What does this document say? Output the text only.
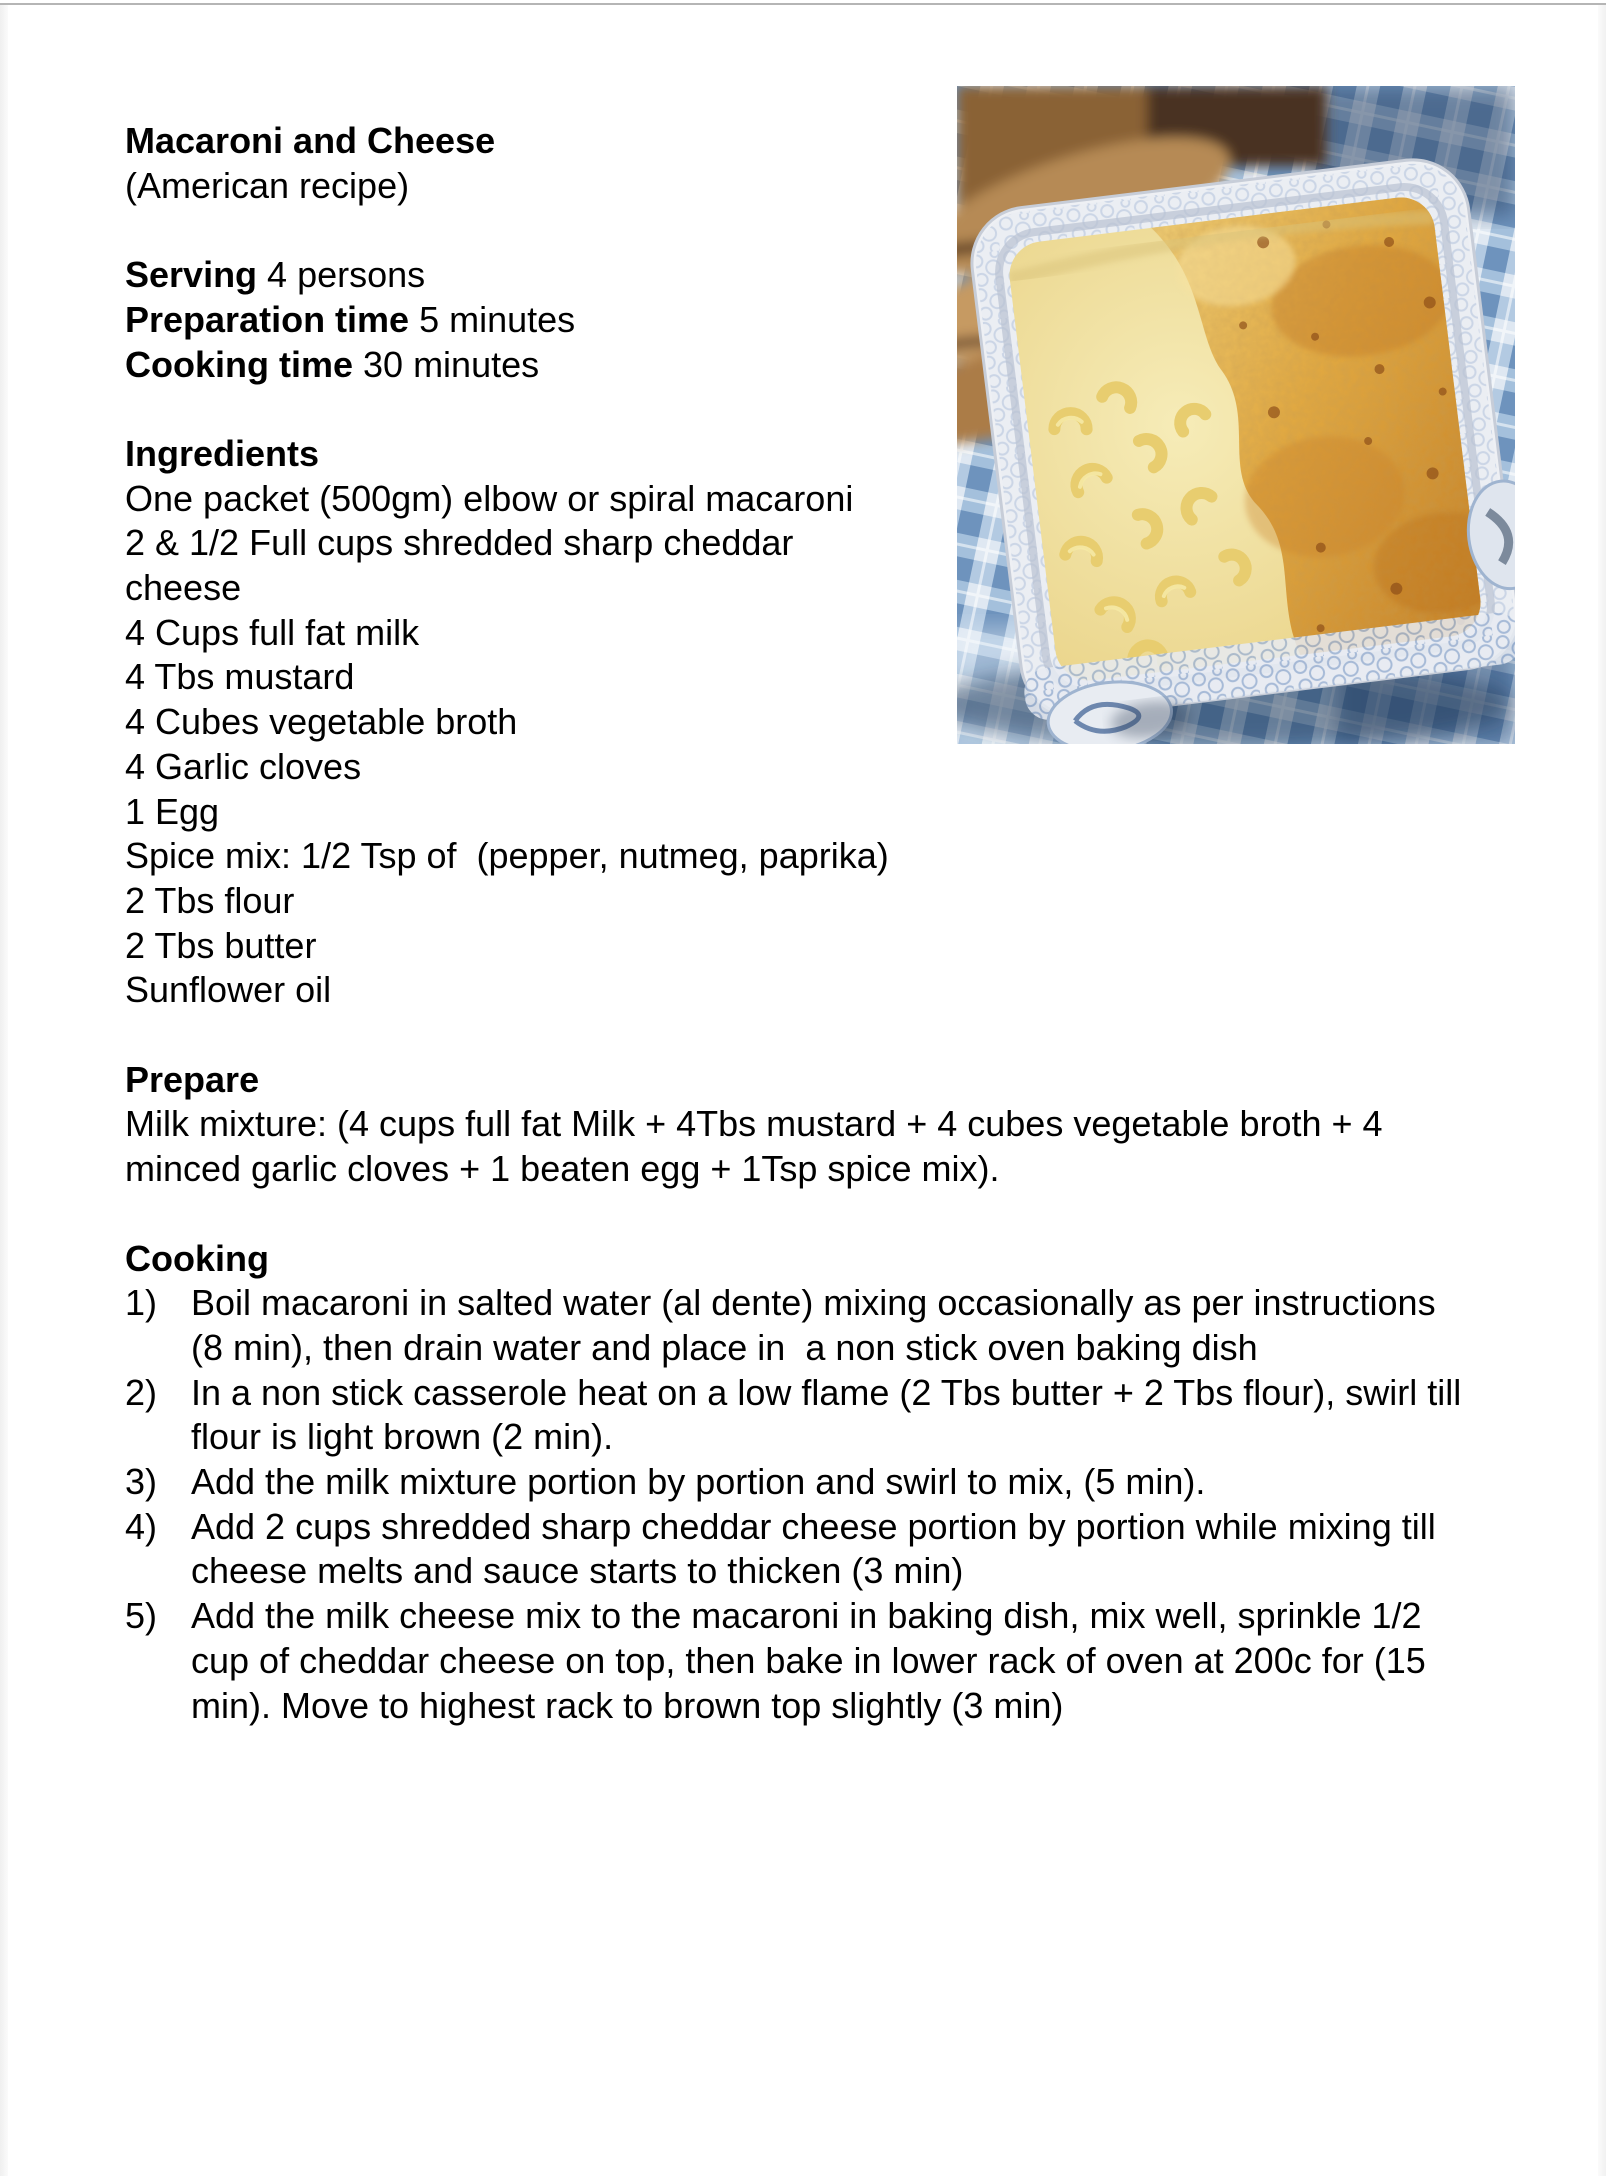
Macaroni and Cheese
(American recipe)
Serving 4 persons
Preparation time 5 minutes
Cooking time 30 minutes
Ingredients
One packet (500gm) elbow or spiral macaroni
2 & 1/2 Full cups shredded sharp cheddar cheese
4 Cups full fat milk
4 Tbs mustard
4 Cubes vegetable broth
4 Garlic cloves
1 Egg
Spice mix: 1/2 Tsp of  (pepper, nutmeg, paprika)
2 Tbs flour
2 Tbs butter
Sunflower oil
Prepare
Milk mixture: (4 cups full fat Milk + 4Tbs mustard + 4 cubes vegetable broth + 4 minced garlic cloves + 1 beaten egg + 1Tsp spice mix).
Cooking
1) Boil macaroni in salted water (al dente) mixing occasionally as per instructions (8 min), then drain water and place in  a non stick oven baking dish
2) In a non stick casserole heat on a low flame (2 Tbs butter + 2 Tbs flour), swirl till flour is light brown (2 min).
3) Add the milk mixture portion by portion and swirl to mix, (5 min).
4) Add 2 cups shredded sharp cheddar cheese portion by portion while mixing till cheese melts and sauce starts to thicken (3 min)
5) Add the milk cheese mix to the macaroni in baking dish, mix well, sprinkle 1/2 cup of cheddar cheese on top, then bake in lower rack of oven at 200c for (15 min). Move to highest rack to brown top slightly (3 min)
